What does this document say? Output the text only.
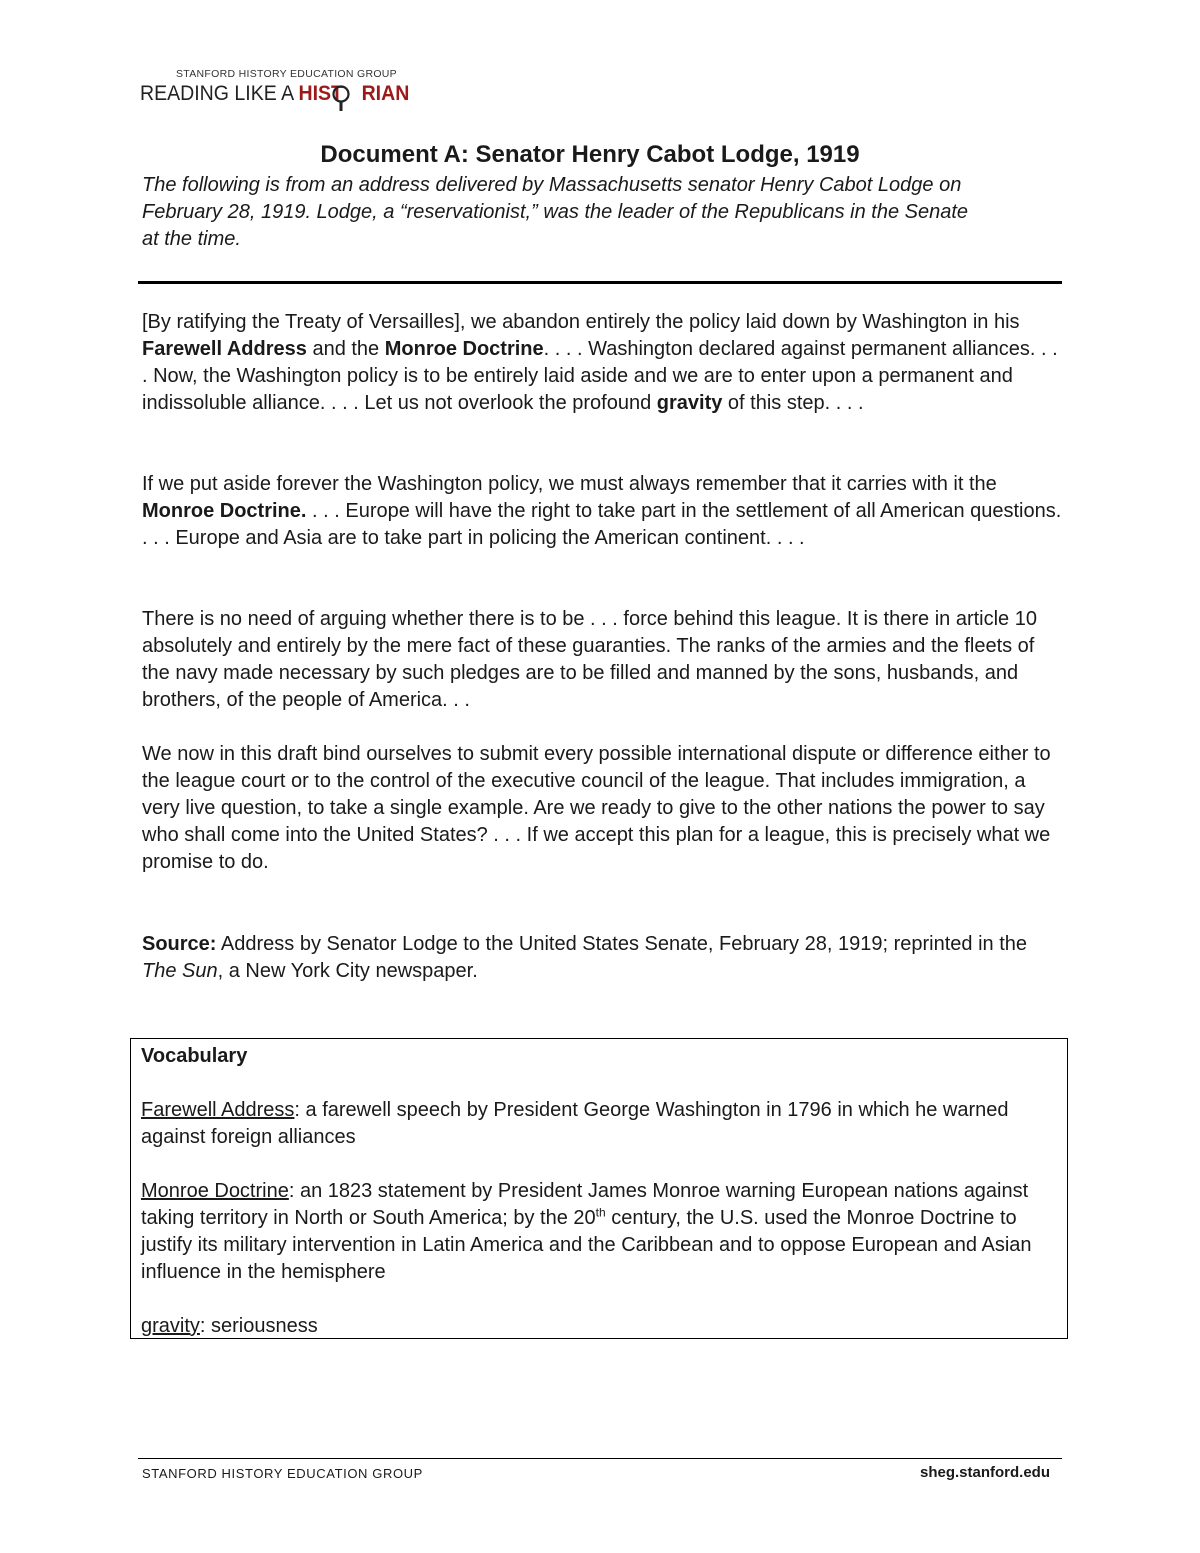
STANFORD HISTORY EDUCATION GROUP
READING LIKE A HIST RIAN
Document A: Senator Henry Cabot Lodge, 1919
The following is from an address delivered by Massachusetts senator Henry Cabot Lodge on February 28, 1919. Lodge, a “reservationist,” was the leader of the Republicans in the Senate at the time.

[By ratifying the Treaty of Versailles], we abandon entirely the policy laid down by Washington in his Farewell Address and the Monroe Doctrine. . . . Washington declared against permanent alliances. . . . Now, the Washington policy is to be entirely laid aside and we are to enter upon a permanent and indissoluble alliance. . . . Let us not overlook the profound gravity of this step. . . .

If we put aside forever the Washington policy, we must always remember that it carries with it the Monroe Doctrine. . . . Europe will have the right to take part in the settlement of all American questions. . . . Europe and Asia are to take part in policing the American continent. . . .

There is no need of arguing whether there is to be . . . force behind this league. It is there in article 10 absolutely and entirely by the mere fact of these guaranties. The ranks of the armies and the fleets of the navy made necessary by such pledges are to be filled and manned by the sons, husbands, and brothers, of the people of America. . .

We now in this draft bind ourselves to submit every possible international dispute or difference either to the league court or to the control of the executive council of the league. That includes immigration, a very live question, to take a single example. Are we ready to give to the other nations the power to say who shall come into the United States? . . . If we accept this plan for a league, this is precisely what we promise to do.

Source: Address by Senator Lodge to the United States Senate, February 28, 1919; reprinted in the The Sun, a New York City newspaper.

Vocabulary

Farewell Address: a farewell speech by President George Washington in 1796 in which he warned against foreign alliances

Monroe Doctrine: an 1823 statement by President James Monroe warning European nations against taking territory in North or South America; by the 20th century, the U.S. used the Monroe Doctrine to justify its military intervention in Latin America and the Caribbean and to oppose European and Asian influence in the hemisphere

gravity: seriousness

STANFORD HISTORY EDUCATION GROUP	sheg.stanford.edu
